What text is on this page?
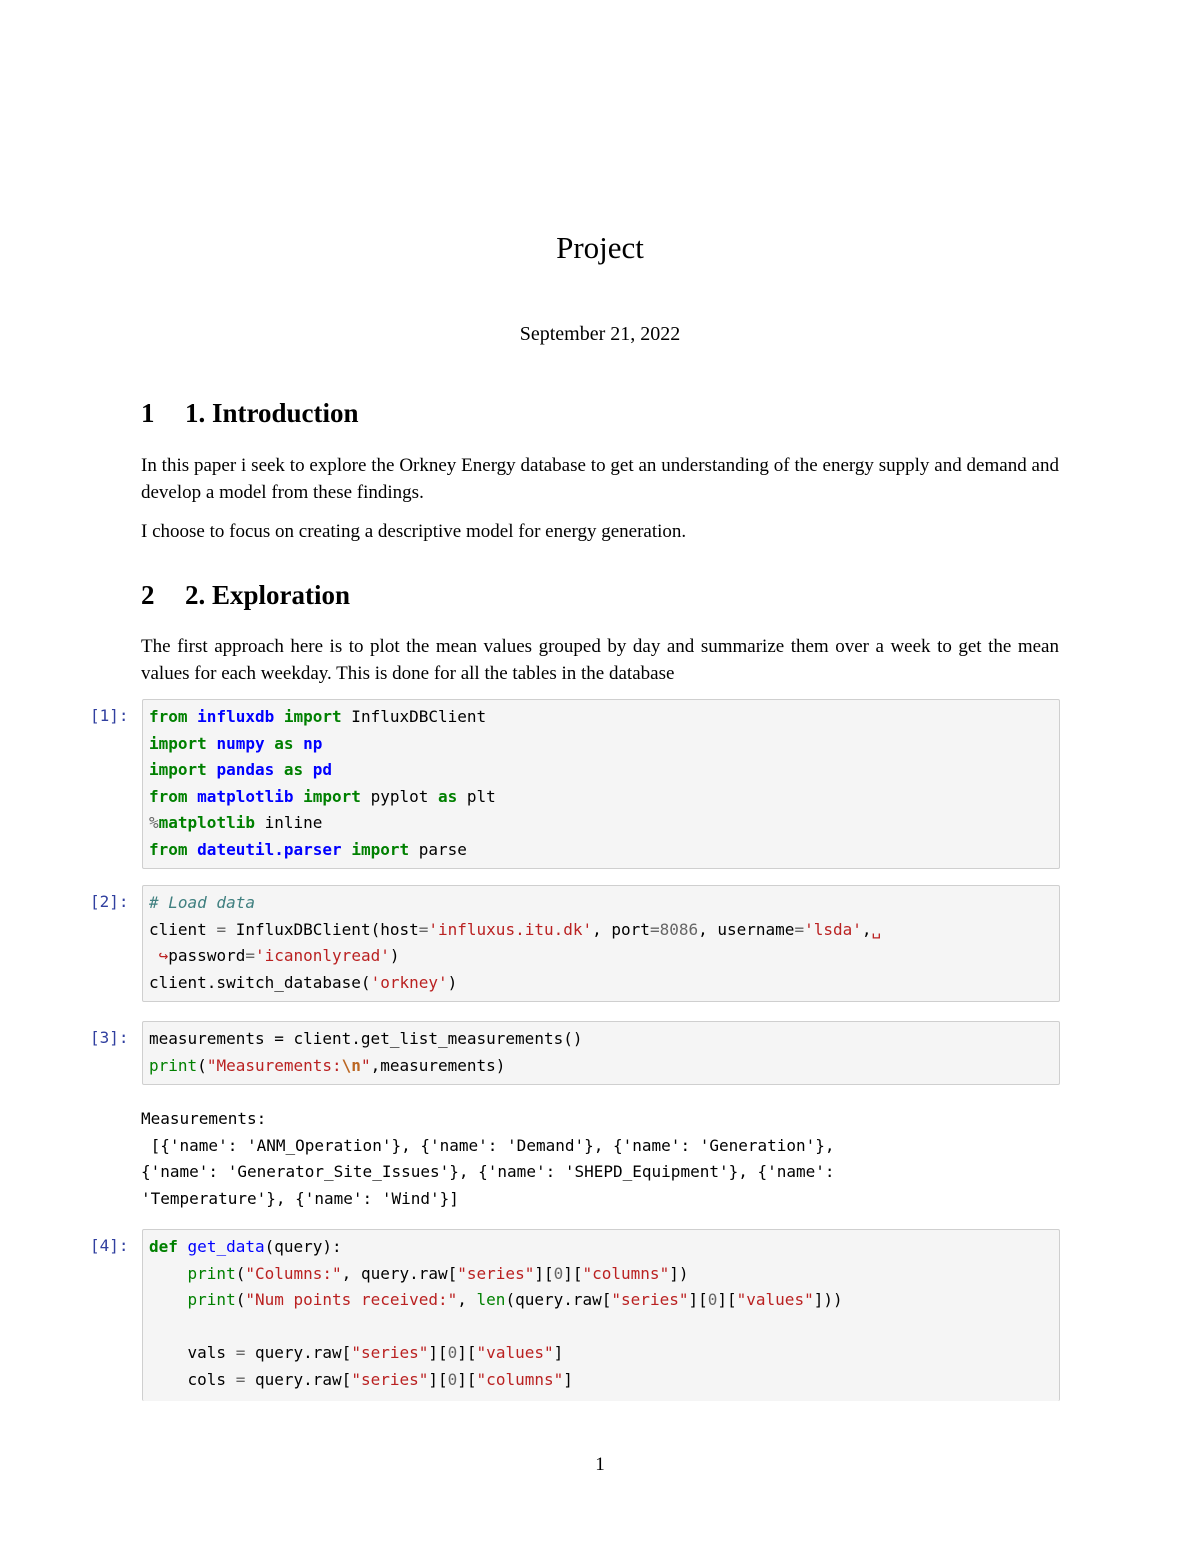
Project
September 21, 2022
1 1. Introduction
In this paper i seek to explore the Orkney Energy database to get an understanding of the energy supply and demand and develop a model from these findings.
I choose to focus on creating a descriptive model for energy generation.
2 2. Exploration
The first approach here is to plot the mean values grouped by day and summarize them over a week to get the mean values for each weekday. This is done for all the tables in the database
[1]:	from influxdb import InfluxDBClient
import numpy as np
import pandas as pd
from matplotlib import pyplot as plt
%matplotlib inline
from dateutil.parser import parse
[2]:	# Load data
client = InfluxDBClient(host='influxus.itu.dk', port=8086, username='lsda',␣
↪password='icanonlyread')
client.switch_database('orkney')
[3]:	measurements = client.get_list_measurements()
print("Measurements:\n",measurements)
Measurements:
[{'name': 'ANM_Operation'}, {'name': 'Demand'}, {'name': 'Generation'},
{'name': 'Generator_Site_Issues'}, {'name': 'SHEPD_Equipment'}, {'name':
'Temperature'}, {'name': 'Wind'}]
[4]:	def get_data(query):
print("Columns:", query.raw["series"][0]["columns"])
print("Num points received:", len(query.raw["series"][0]["values"]))
vals = query.raw["series"][0]["values"]
cols = query.raw["series"][0]["columns"]
1
